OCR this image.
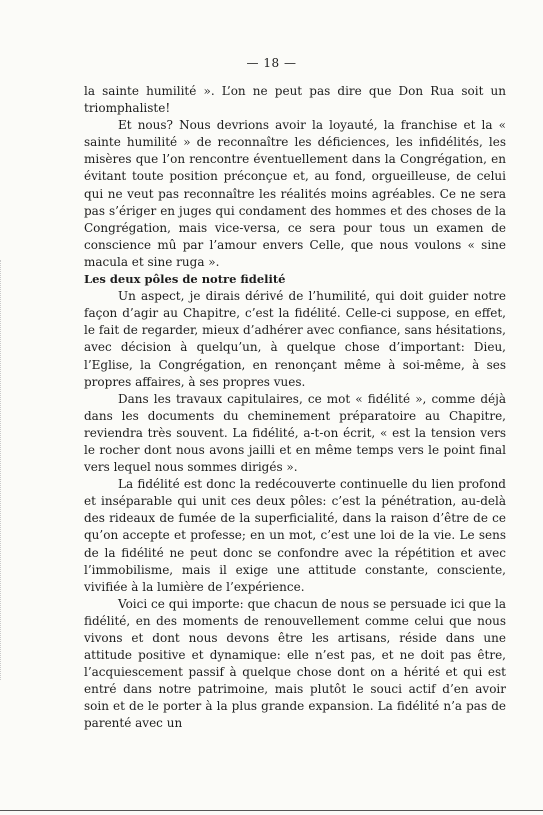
— 18 —

la sainte humilité ». L’on ne peut pas dire que Don Rua soit un triomphaliste!

Et nous? Nous devrions avoir la loyauté, la franchise et la « sainte humilité » de reconnaître les déficiences, les infidélités, les misères que l’on rencontre éventuellement dans la Congrégation, en évitant toute position préconçue et, au fond, orgueilleuse, de celui qui ne veut pas reconnaître les réalités moins agréables. Ce ne sera pas s’ériger en juges qui condament des hommes et des choses de la Congrégation, mais vice-versa, ce sera pour tous un examen de conscience mû par l’amour envers Celle, que nous voulons « sine macula et sine ruga ».

Les deux pôles de notre fidelité

Un aspect, je dirais dérivé de l’humilité, qui doit guider notre façon d’agir au Chapitre, c’est la fidélité. Celle-ci suppose, en effet, le fait de regarder, mieux d’adhérer avec confiance, sans hésitations, avec décision à quelqu’un, à quelque chose d’important: Dieu, l’Eglise, la Congrégation, en renonçant même à soi-même, à ses propres affaires, à ses propres vues.

Dans les travaux capitulaires, ce mot « fidélité », comme déjà dans les documents du cheminement préparatoire au Chapitre, reviendra très souvent. La fidélité, a-t-on écrit, « est la tension vers le rocher dont nous avons jailli et en même temps vers le point final vers lequel nous sommes dirigés ».

La fidélité est donc la redécouverte continuelle du lien profond et inséparable qui unit ces deux pôles: c’est la pénétration, au-delà des rideaux de fumée de la superficialité, dans la raison d’être de ce qu’on accepte et professe; en un mot, c’est une loi de la vie. Le sens de la fidélité ne peut donc se confondre avec la répétition et avec l’immobilisme, mais il exige une attitude constante, consciente, vivifiée à la lumière de l’expérience.

Voici ce qui importe: que chacun de nous se persuade ici que la fidélité, en des moments de renouvellement comme celui que nous vivons et dont nous devons être les artisans, réside dans une attitude positive et dynamique: elle n’est pas, et ne doit pas être, l’acquiescement passif à quelque chose dont on a hérité et qui est entré dans notre patrimoine, mais plutôt le souci actif d’en avoir soin et de le porter à la plus grande expansion. La fidélité n’a pas de parenté avec un
